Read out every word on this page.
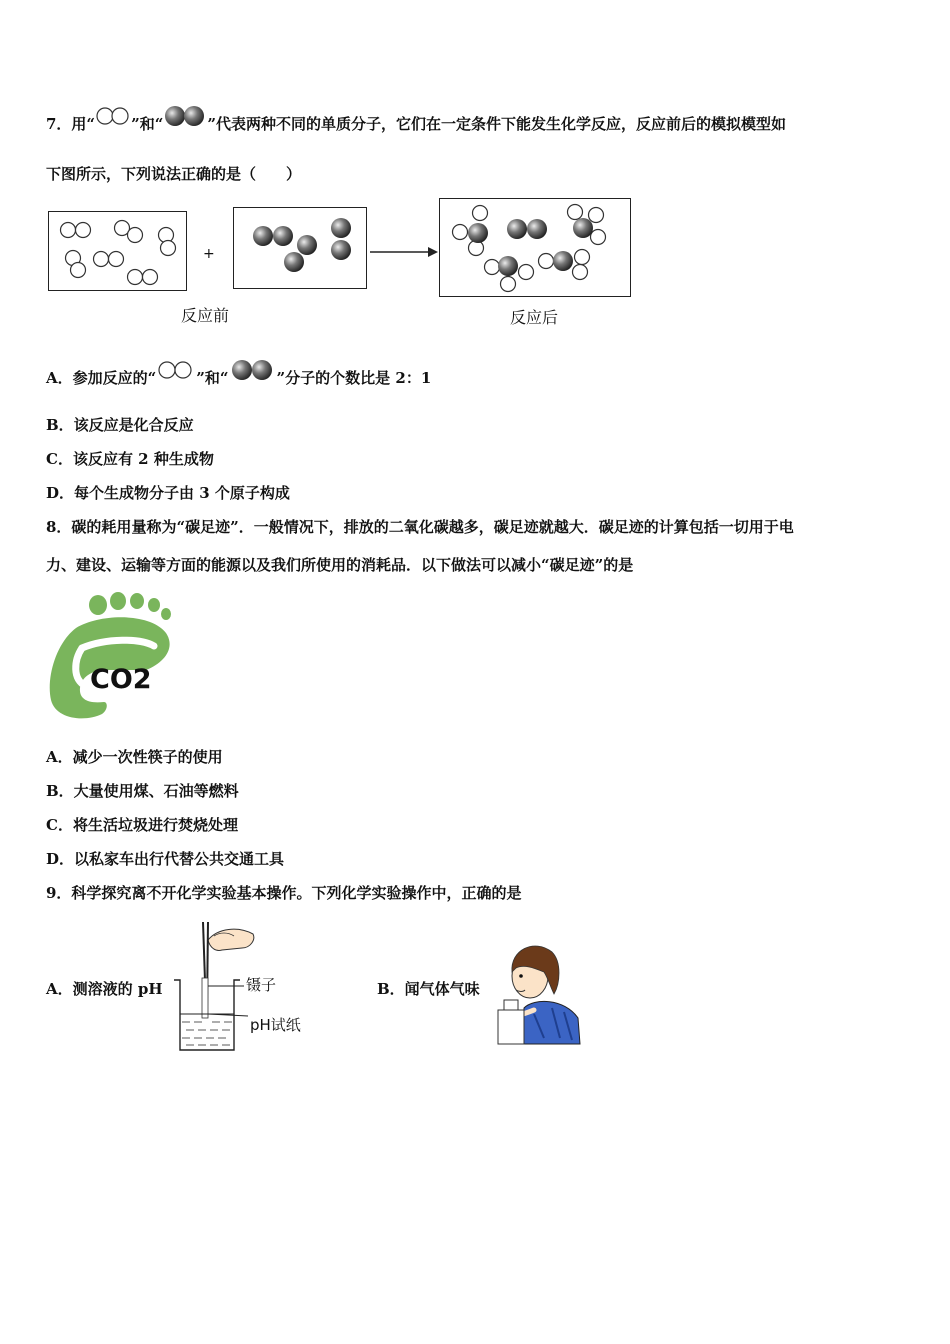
7．用“ ”和“	”代表两种不同的单质分子，它们在一定条件下能发生化学反应，反应前后的模拟模型如
下图所示，下列说法正确的是（　　）
+
反应前	反应后
A．参加反应的“	”和“	”分子的个数比是 2：1
B．该反应是化合反应
C．该反应有 2 种生成物
D．每个生成物分子由 3 个原子构成
8．碳的耗用量称为“碳足迹”．一般情况下，排放的二氧化碳越多，碳足迹就越大．碳足迹的计算包括一切用于电
力、建设、运输等方面的能源以及我们所使用的消耗品．以下做法可以减小“碳足迹”的是
CO2
A．减少一次性筷子的使用
B．大量使用煤、石油等燃料
C．将生活垃圾进行焚烧处理
D．以私家车出行代替公共交通工具
9．科学探究离不开化学实验基本操作。下列化学实验操作中，正确的是
A．测溶液的 pH	镊子
pH试纸
B．闻气体气味
